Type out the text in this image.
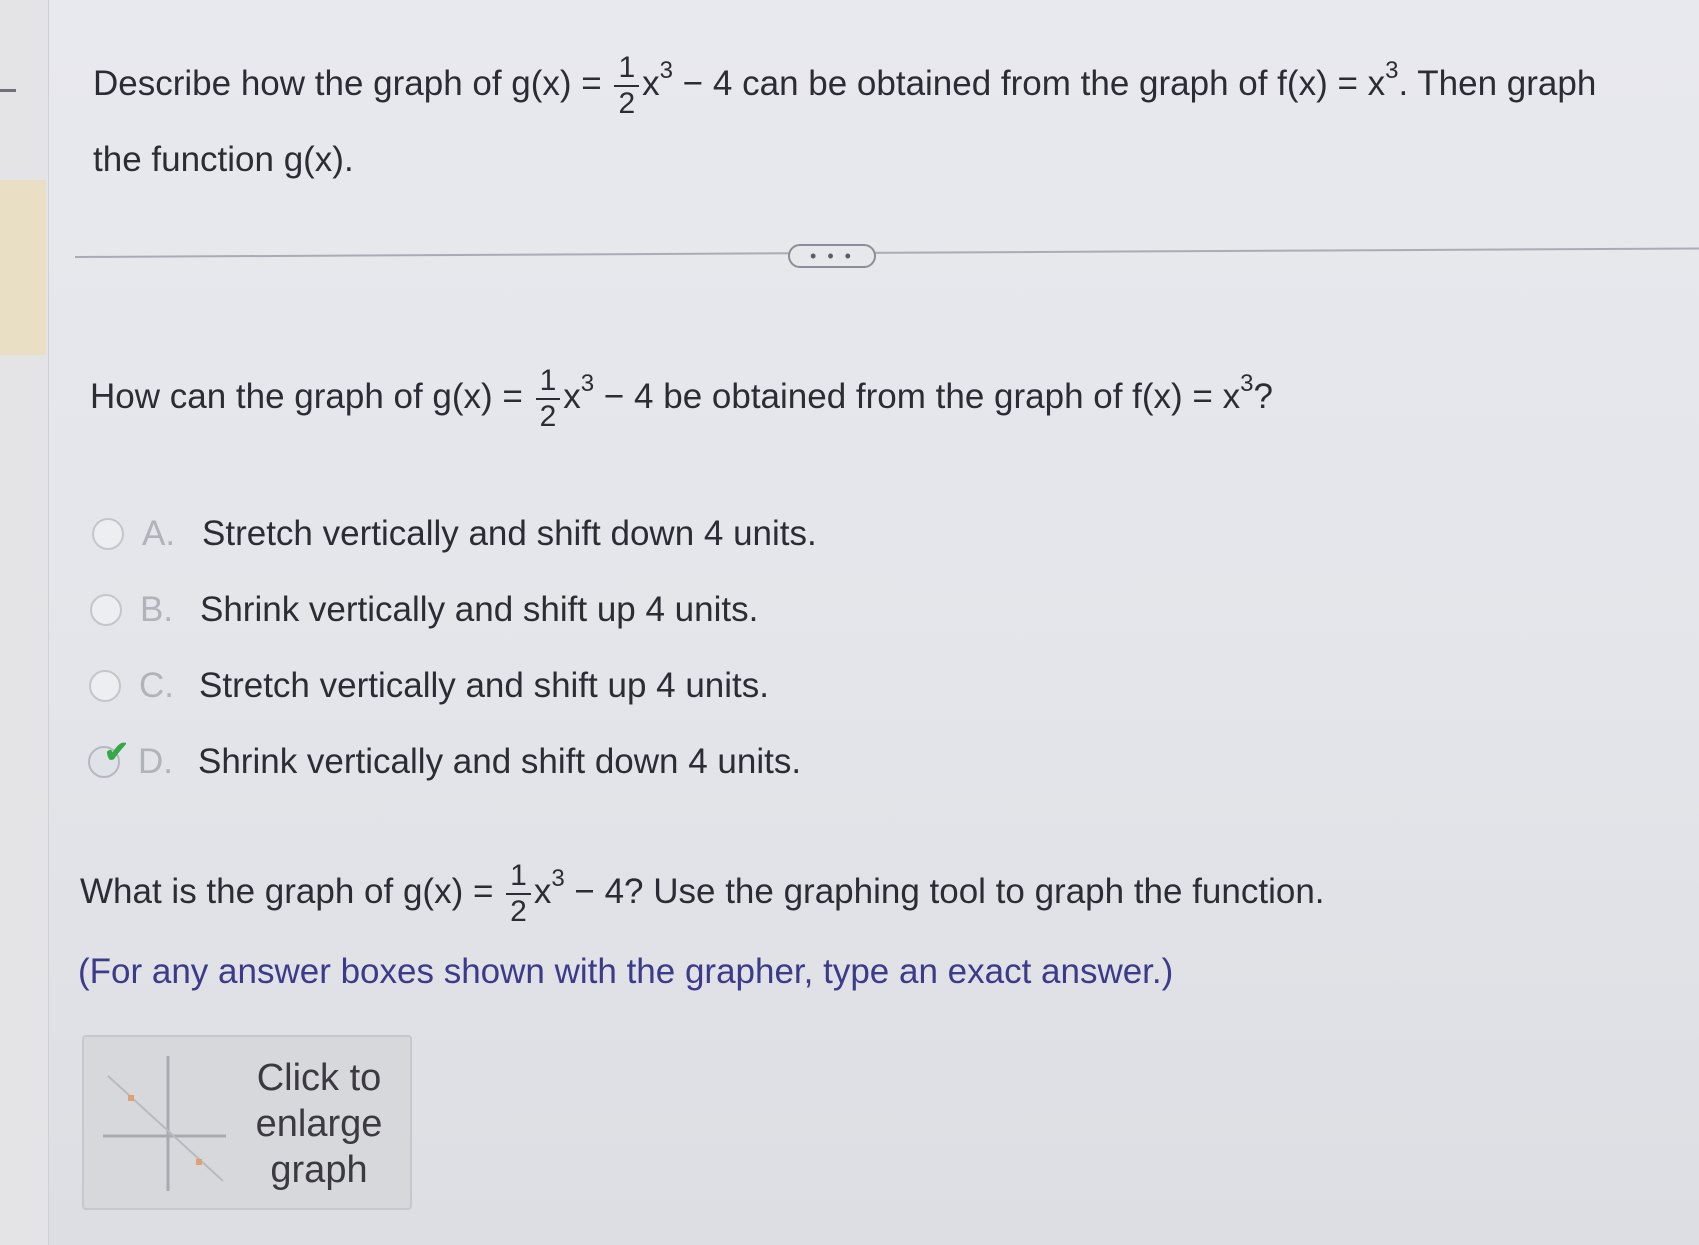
Describe how the graph of $g(x) = \frac{1}{2} x^3 - 4$ can be obtained from the graph of $f(x) = x^3$. Then graph
the function g(x).
• • •
How can the graph of $g(x) = \frac{1}{2} x^3 - 4$ be obtained from the graph of $f(x) = x^3$?
A. Stretch vertically and shift down 4 units.
B. Shrink vertically and shift up 4 units.
C. Stretch vertically and shift up 4 units.
✔ D. Shrink vertically and shift down 4 units.
What is the graph of $g(x) = \frac{1}{2} x^3 - 4$? Use the graphing tool to graph the function.
(For any answer boxes shown with the grapher, type an exact answer.)
Click to
enlarge
graph
